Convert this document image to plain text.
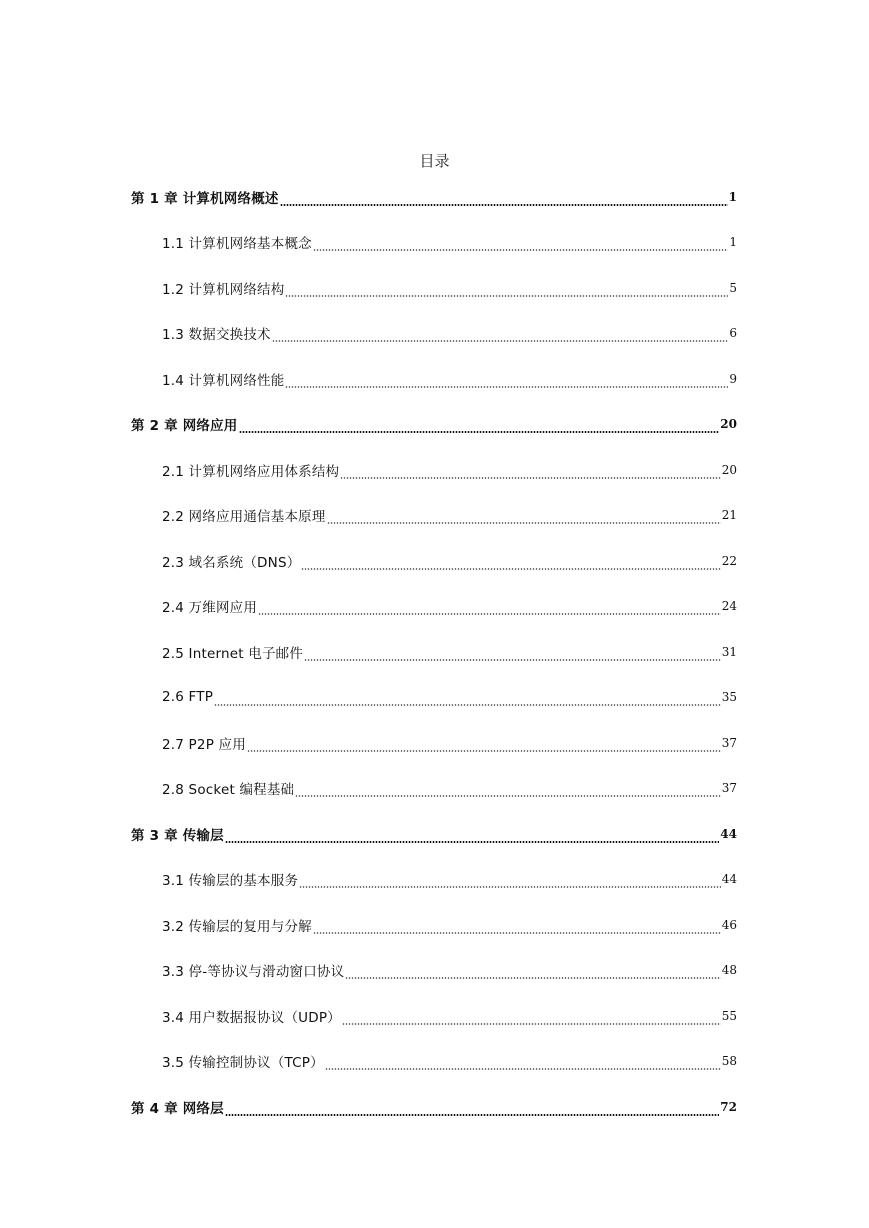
目录
第 1 章 计算机网络概述	1
1.1 计算机网络基本概念	1
1.2 计算机网络结构	5
1.3 数据交换技术	6
1.4 计算机网络性能	9
第 2 章 网络应用	20
2.1 计算机网络应用体系结构	20
2.2 网络应用通信基本原理	21
2.3 域名系统（DNS）	22
2.4 万维网应用	24
2.5 Internet 电子邮件	31
2.6 FTP	35
2.7 P2P 应用	37
2.8 Socket 编程基础	37
第 3 章 传输层	44
3.1 传输层的基本服务	44
3.2 传输层的复用与分解	46
3.3 停-等协议与滑动窗口协议	48
3.4 用户数据报协议（UDP）	55
3.5 传输控制协议（TCP）	58
第 4 章 网络层	72
